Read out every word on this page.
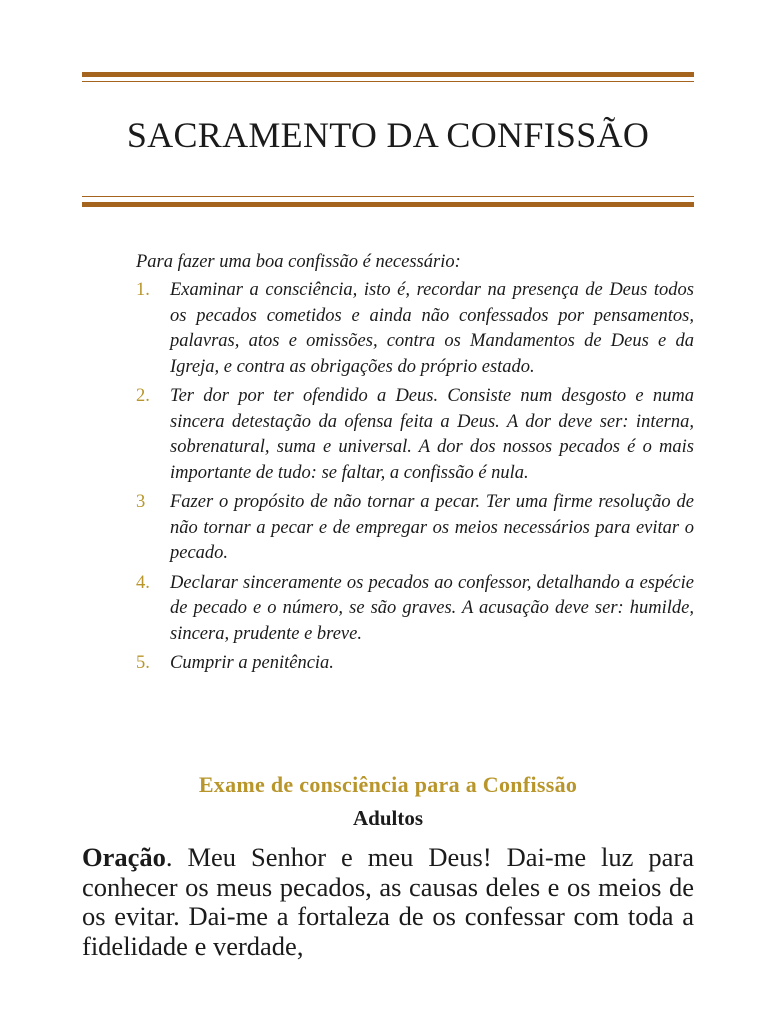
SACRAMENTO DA CONFISSÃO
Para fazer uma boa confissão é necessário:
1.	Examinar a consciência, isto é, recordar na presença de Deus todos os pecados cometidos e ainda não confessados por pensamentos, palavras, atos e omissões, contra os Mandamentos de Deus e da Igreja, e contra as obrigações do próprio estado.
2.	Ter dor por ter ofendido a Deus. Consiste num desgosto e numa sincera detestação da ofensa feita a Deus. A dor deve ser: interna, sobrenatural, suma e universal. A dor dos nossos pecados é o mais importante de tudo: se faltar, a confissão é nula.
3	Fazer o propósito de não tornar a pecar. Ter uma firme resolução de não tornar a pecar e de empregar os meios necessários para evitar o pecado.
4.	Declarar sinceramente os pecados ao confessor, detalhando a espécie de pecado e o número, se são graves. A acusação deve ser: humilde, sincera, prudente e breve.
5.	Cumprir a penitência.
Exame de consciência para a Confissão
Adultos
Oração. Meu Senhor e meu Deus! Dai-me luz para conhecer os meus pecados, as causas deles e os meios de os evitar. Dai-me a fortaleza de os confessar com toda a fidelidade e verdade,
